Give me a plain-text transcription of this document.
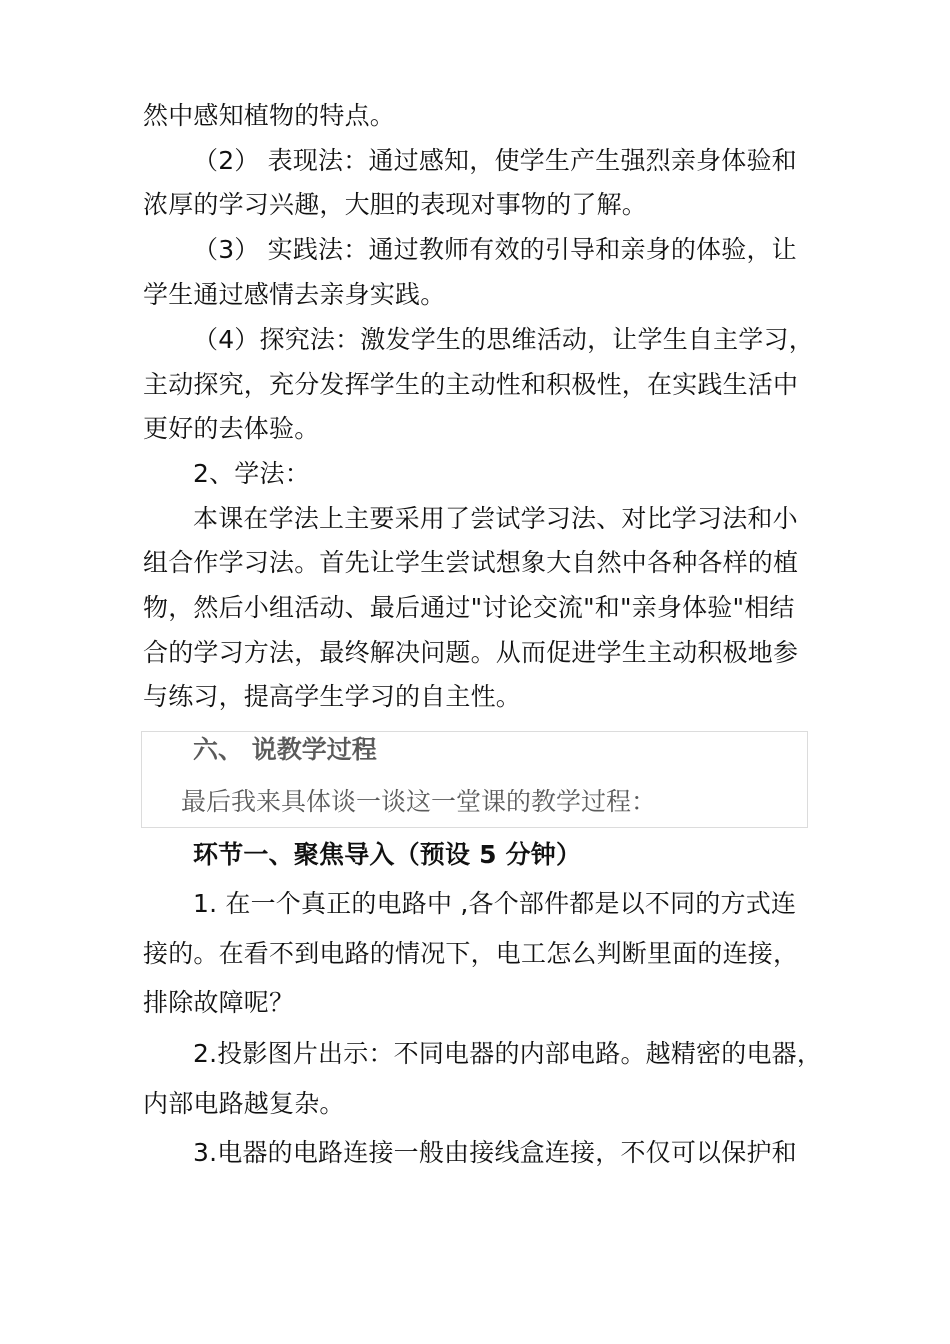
然中感知植物的特点。
（2） 表现法：通过感知，使学生产生强烈亲身体验和
浓厚的学习兴趣，大胆的表现对事物的了解。
（3） 实践法：通过教师有效的引导和亲身的体验，让
学生通过感情去亲身实践。
（4）探究法：激发学生的思维活动，让学生自主学习，
主动探究，充分发挥学生的主动性和积极性，在实践生活中
更好的去体验。
2、学法：
本课在学法上主要采用了尝试学习法、对比学习法和小
组合作学习法。首先让学生尝试想象大自然中各种各样的植
物，然后小组活动、最后通过"讨论交流"和"亲身体验"相结
合的学习方法，最终解决问题。从而促进学生主动积极地参
与练习，提高学生学习的自主性。
六、 说教学过程
最后我来具体谈一谈这一堂课的教学过程：
环节一、聚焦导入（预设 5 分钟）
1. 在一个真正的电路中 ,各个部件都是以不同的方式连
接的。在看不到电路的情况下，电工怎么判断里面的连接，
排除故障呢？
2.投影图片出示：不同电器的内部电路。越精密的电器，
内部电路越复杂。
3.电器的电路连接一般由接线盒连接，不仅可以保护和
